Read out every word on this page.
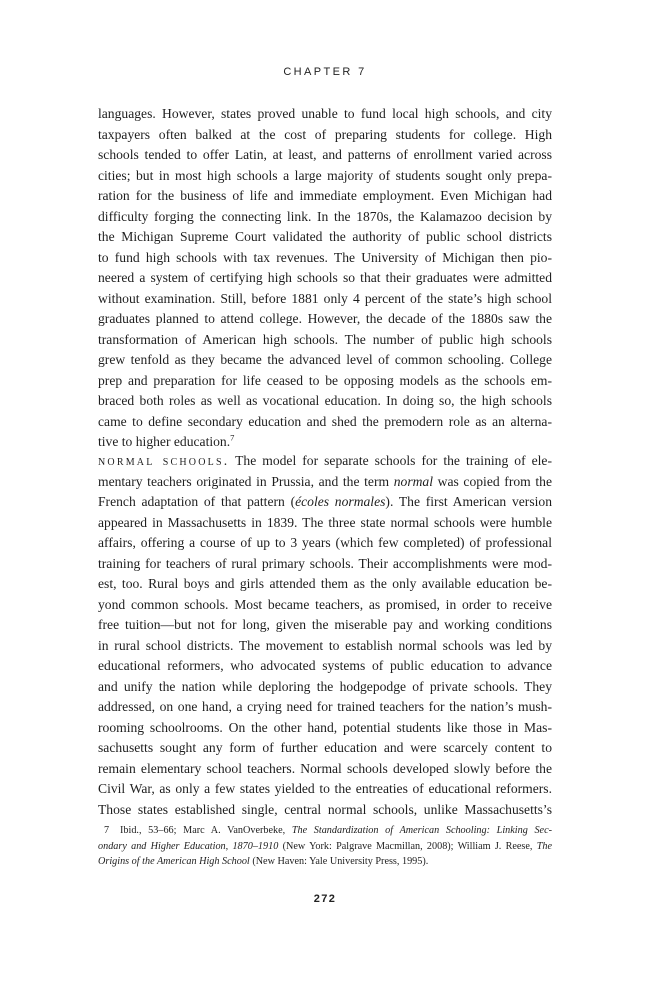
CHAPTER 7
languages. However, states proved unable to fund local high schools, and city
taxpayers often balked at the cost of preparing students for college. High
schools tended to offer Latin, at least, and patterns of enrollment varied across
cities; but in most high schools a large majority of students sought only prepa-
ration for the business of life and immediate employment. Even Michigan had
difficulty forging the connecting link. In the 1870s, the Kalamazoo decision by
the Michigan Supreme Court validated the authority of public school districts
to fund high schools with tax revenues. The University of Michigan then pio-
neered a system of certifying high schools so that their graduates were admitted
without examination. Still, before 1881 only 4 percent of the state’s high school
graduates planned to attend college. However, the decade of the 1880s saw the
transformation of American high schools. The number of public high schools
grew tenfold as they became the advanced level of common schooling. College
prep and preparation for life ceased to be opposing models as the schools em-
braced both roles as well as vocational education. In doing so, the high schools
came to define secondary education and shed the premodern role as an alterna-
tive to higher education.$^7$
normal schools. The model for separate schools for the training of ele-
mentary teachers originated in Prussia, and the term normal was copied from the
French adaptation of that pattern (écoles normales). The first American version
appeared in Massachusetts in 1839. The three state normal schools were humble
affairs, offering a course of up to 3 years (which few completed) of professional
training for teachers of rural primary schools. Their accomplishments were mod-
est, too. Rural boys and girls attended them as the only available education be-
yond common schools. Most became teachers, as promised, in order to receive
free tuition—but not for long, given the miserable pay and working conditions
in rural school districts. The movement to establish normal schools was led by
educational reformers, who advocated systems of public education to advance
and unify the nation while deploring the hodgepodge of private schools. They
addressed, on one hand, a crying need for trained teachers for the nation’s mush-
rooming schoolrooms. On the other hand, potential students like those in Mas-
sachusetts sought any form of further education and were scarcely content to
remain elementary school teachers. Normal schools developed slowly before the
Civil War, as only a few states yielded to the entreaties of educational reformers.
Those states established single, central normal schools, unlike Massachusetts’s
7 Ibid., 53–66; Marc A. VanOverbeke, The Standardization of American Schooling: Linking Sec-
ondary and Higher Education, 1870–1910 (New York: Palgrave Macmillan, 2008); William J. Reese, The
Origins of the American High School (New Haven: Yale University Press, 1995).
272
